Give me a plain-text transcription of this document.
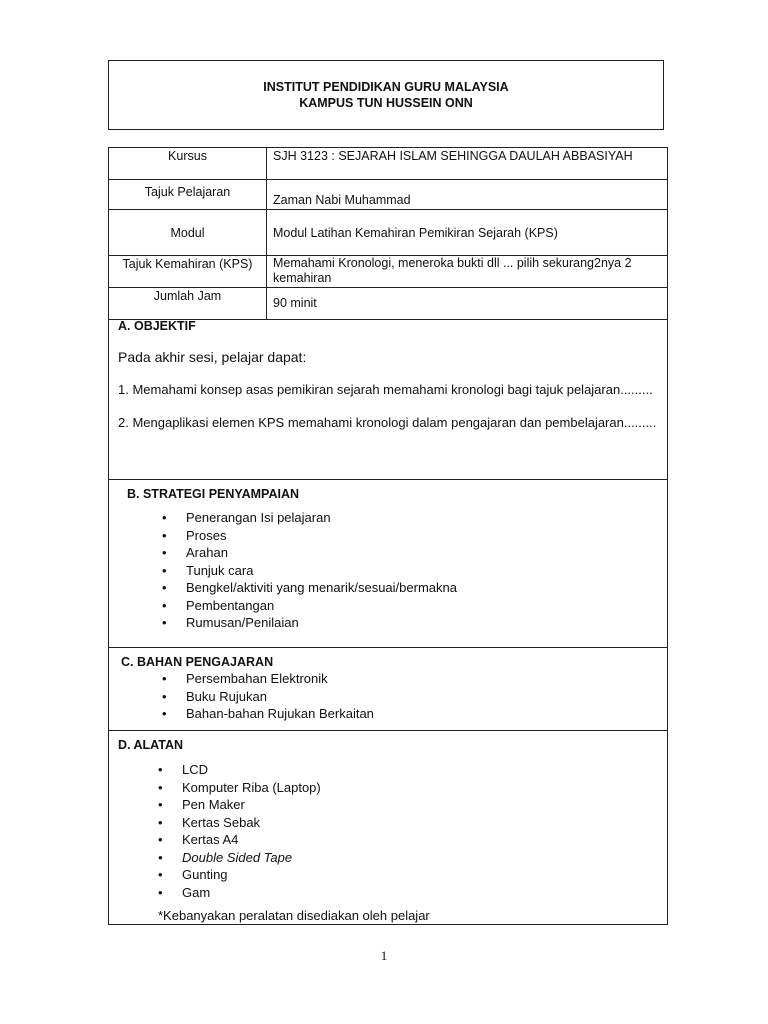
INSTITUT PENDIDIKAN GURU MALAYSIA
KAMPUS TUN HUSSEIN ONN
Kursus	SJH 3123 : SEJARAH ISLAM SEHINGGA DAULAH ABBASIYAH
Tajuk Pelajaran	Zaman Nabi Muhammad
Modul	Modul Latihan Kemahiran Pemikiran Sejarah (KPS)
Tajuk Kemahiran (KPS)	Memahami Kronologi, meneroka bukti dll ... pilih sekurang2nya 2 kemahiran
Jumlah Jam	90 minit
A. OBJEKTIF

Pada akhir sesi, pelajar dapat:

1. Memahami konsep asas pemikiran sejarah memahami kronologi bagi tajuk pelajaran.........

2. Mengaplikasi elemen KPS memahami kronologi dalam pengajaran dan pembelajaran.........

B. STRATEGI PENYAMPAIAN
• Penerangan Isi pelajaran
• Proses
• Arahan
• Tunjuk cara
• Bengkel/aktiviti yang menarik/sesuai/bermakna
• Pembentangan
• Rumusan/Penilaian
C. BAHAN PENGAJARAN
• Persembahan Elektronik
• Buku Rujukan
• Bahan-bahan Rujukan Berkaitan
D. ALATAN
• LCD
• Komputer Riba (Laptop)
• Pen Maker
• Kertas Sebak
• Kertas A4
• Double Sided Tape
• Gunting
• Gam

*Kebanyakan peralatan disediakan oleh pelajar

1
